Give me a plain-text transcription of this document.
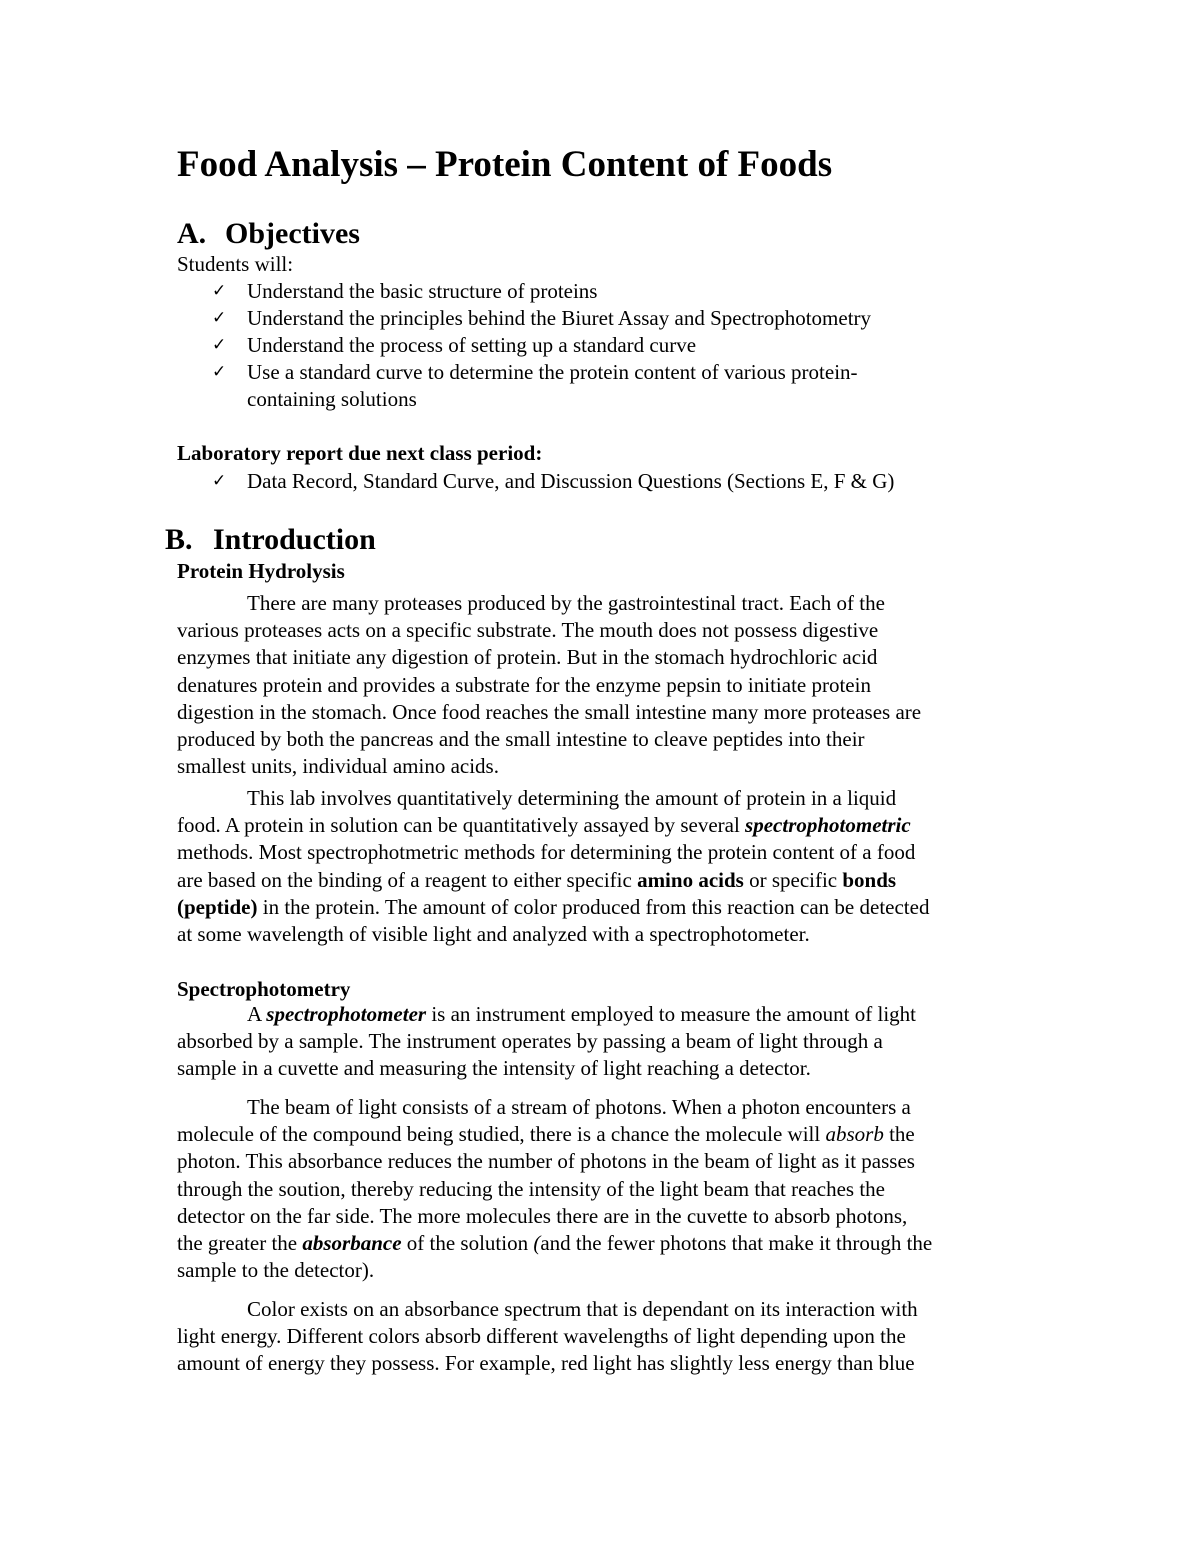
Food Analysis – Protein Content of Foods
A. Objectives
Students will:
✓ Understand the basic structure of proteins
✓ Understand the principles behind the Biuret Assay and Spectrophotometry
✓ Understand the process of setting up a standard curve
✓ Use a standard curve to determine the protein content of various protein-
containing solutions
Laboratory report due next class period:
✓ Data Record, Standard Curve, and Discussion Questions (Sections E, F & G)
B. Introduction
Protein Hydrolysis
There are many proteases produced by the gastrointestinal tract. Each of the
various proteases acts on a specific substrate. The mouth does not possess digestive
enzymes that initiate any digestion of protein. But in the stomach hydrochloric acid
denatures protein and provides a substrate for the enzyme pepsin to initiate protein
digestion in the stomach. Once food reaches the small intestine many more proteases are
produced by both the pancreas and the small intestine to cleave peptides into their
smallest units, individual amino acids.
This lab involves quantitatively determining the amount of protein in a liquid
food. A protein in solution can be quantitatively assayed by several spectrophotometric
methods. Most spectrophotmetric methods for determining the protein content of a food
are based on the binding of a reagent to either specific amino acids or specific bonds
(peptide) in the protein. The amount of color produced from this reaction can be detected
at some wavelength of visible light and analyzed with a spectrophotometer.
Spectrophotometry
A spectrophotometer is an instrument employed to measure the amount of light
absorbed by a sample. The instrument operates by passing a beam of light through a
sample in a cuvette and measuring the intensity of light reaching a detector.
The beam of light consists of a stream of photons. When a photon encounters a
molecule of the compound being studied, there is a chance the molecule will absorb the
photon. This absorbance reduces the number of photons in the beam of light as it passes
through the soution, thereby reducing the intensity of the light beam that reaches the
detector on the far side. The more molecules there are in the cuvette to absorb photons,
the greater the absorbance of the solution (and the fewer photons that make it through the
sample to the detector).
Color exists on an absorbance spectrum that is dependant on its interaction with
light energy. Different colors absorb different wavelengths of light depending upon the
amount of energy they possess. For example, red light has slightly less energy than blue
